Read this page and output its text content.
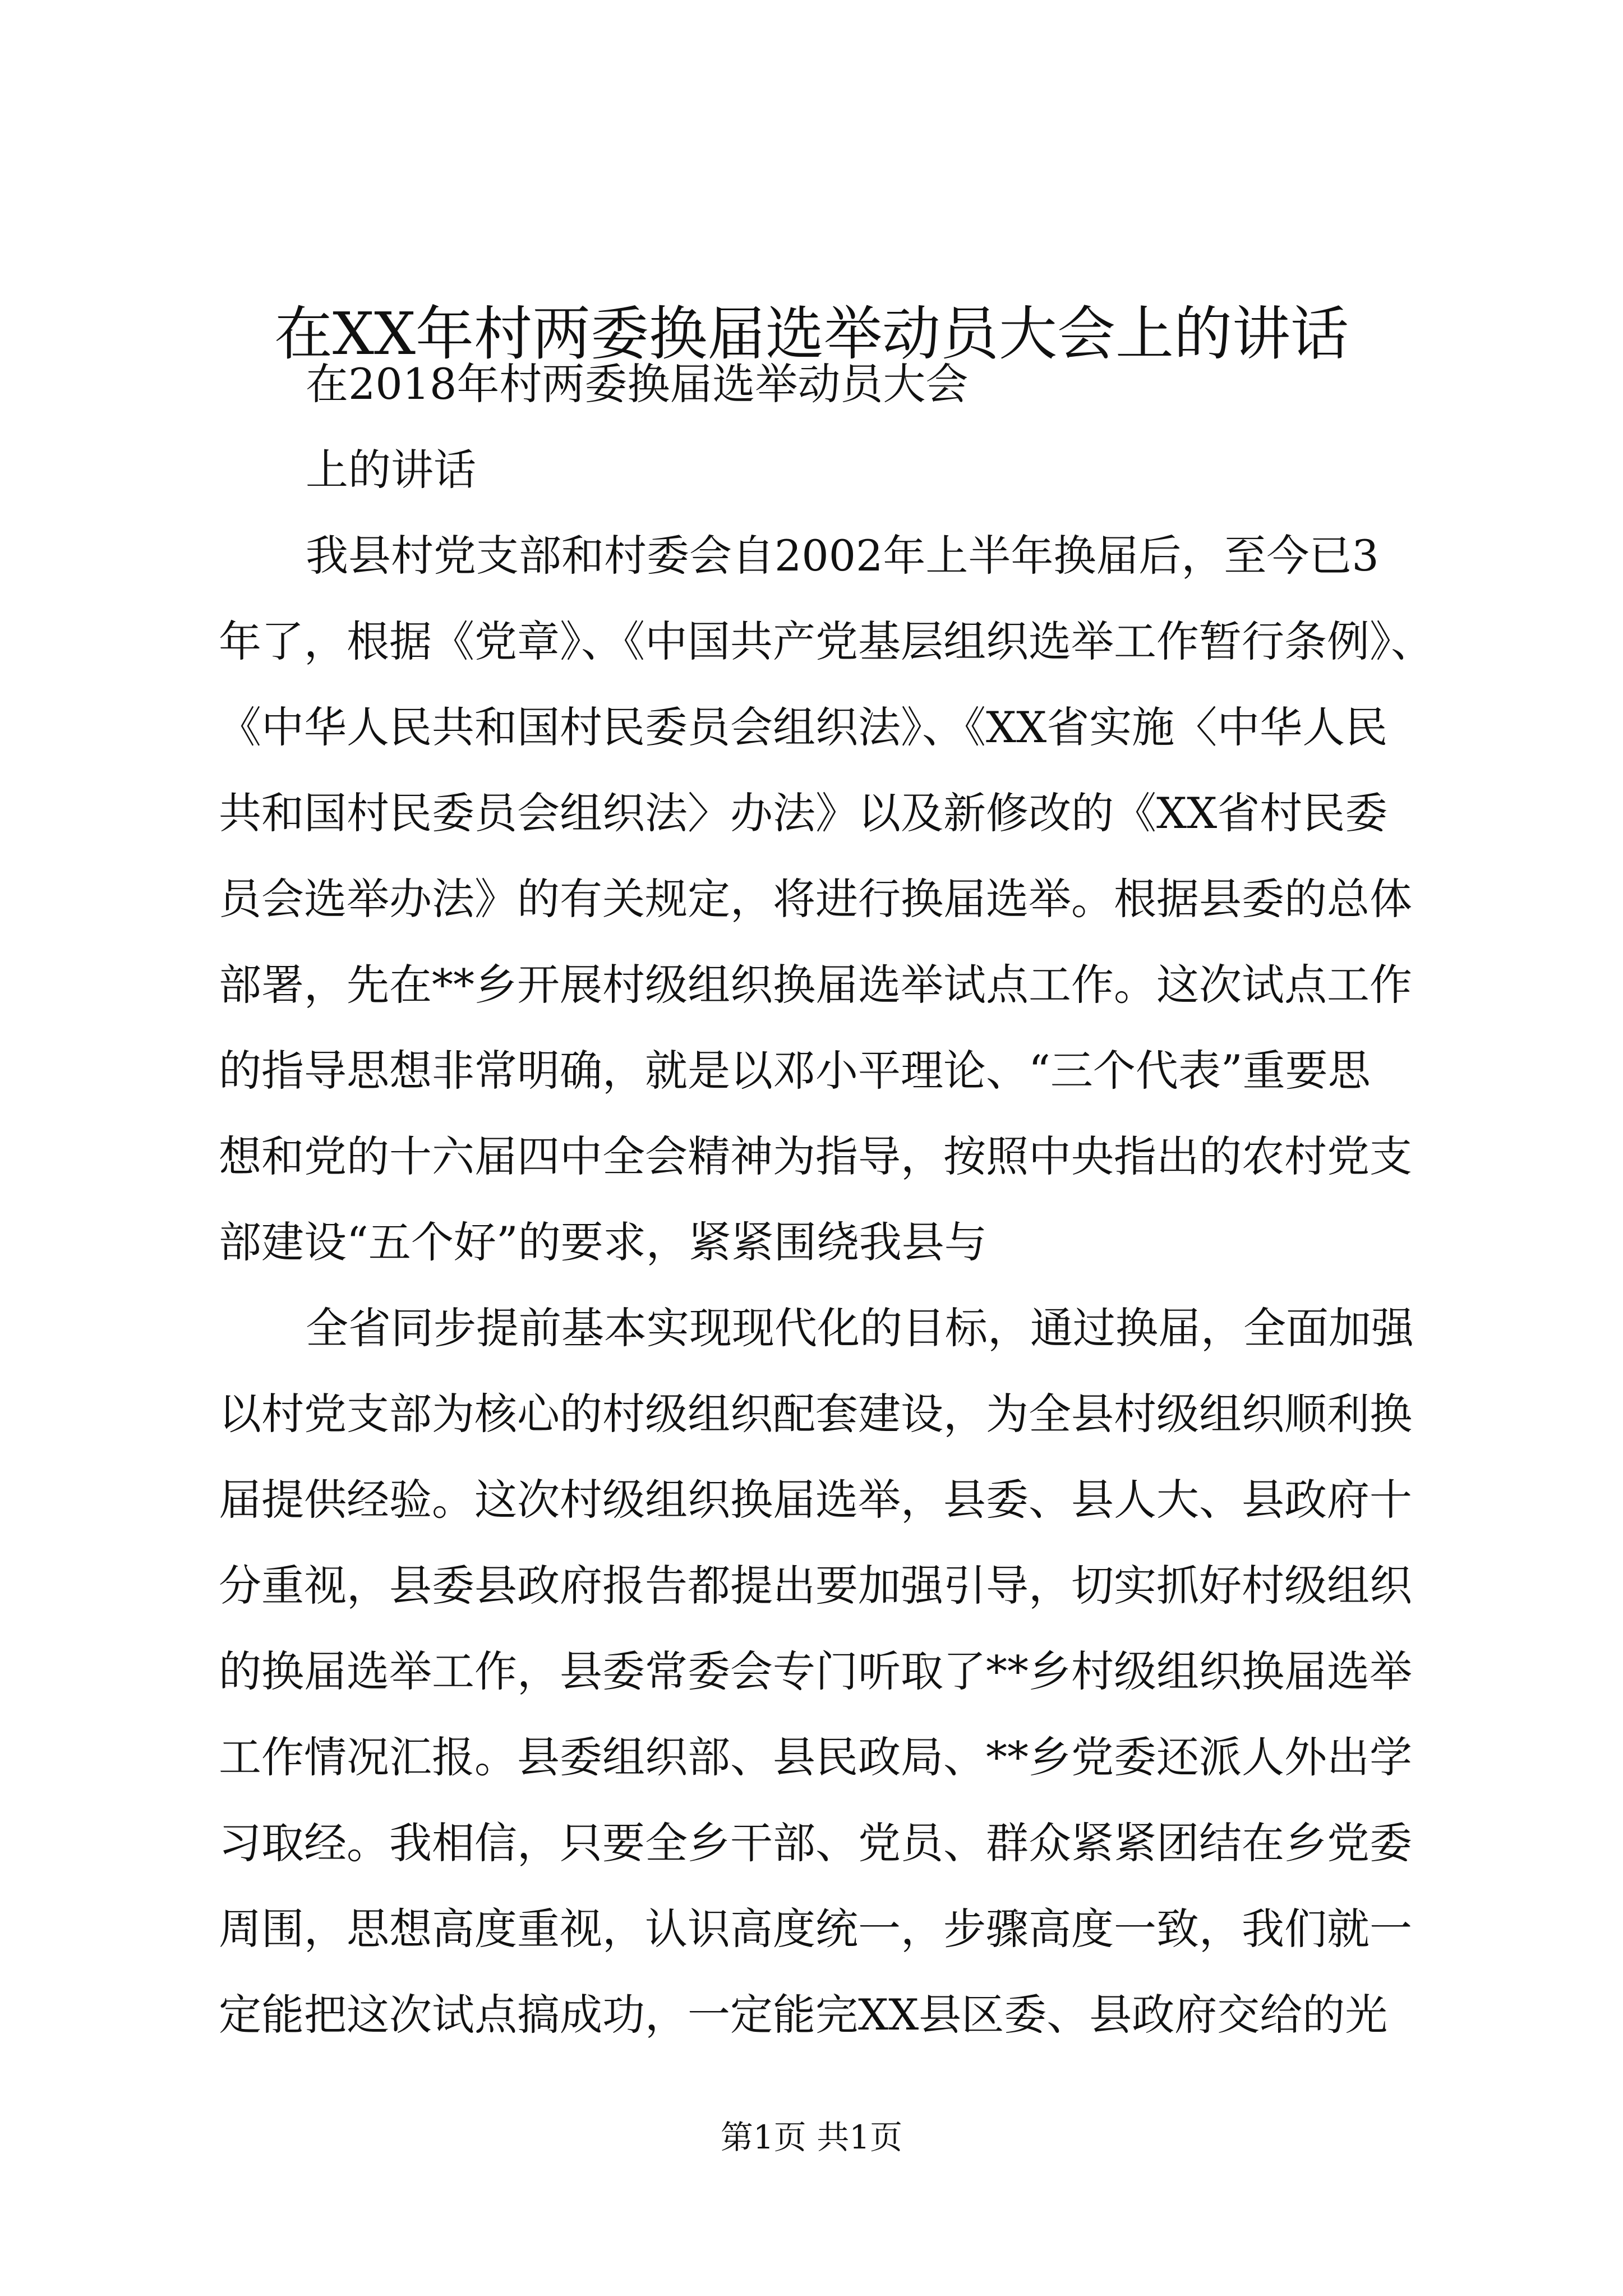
在XX年村两委换届选举动员大会上的讲话
在2018年村两委换届选举动员大会
上的讲话
我县村党支部和村委会自2002年上半年换届后，至今已3
年了，根据《党章》、《中国共产党基层组织选举工作暂行条例》、
《中华人民共和国村民委员会组织法》、《XX省实施〈中华人民
共和国村民委员会组织法〉办法》以及新修改的《XX省村民委
员会选举办法》的有关规定，将进行换届选举。根据县委的总体
部署，先在**乡开展村级组织换届选举试点工作。这次试点工作
的指导思想非常明确，就是以邓小平理论、“三个代表”重要思
想和党的十六届四中全会精神为指导，按照中央指出的农村党支
部建设“五个好”的要求，紧紧围绕我县与
全省同步提前基本实现现代化的目标，通过换届，全面加强
以村党支部为核心的村级组织配套建设，为全县村级组织顺利换
届提供经验。这次村级组织换届选举，县委、县人大、县政府十
分重视，县委县政府报告都提出要加强引导，切实抓好村级组织
的换届选举工作，县委常委会专门听取了**乡村级组织换届选举
工作情况汇报。县委组织部、县民政局、**乡党委还派人外出学
习取经。我相信，只要全乡干部、党员、群众紧紧团结在乡党委
周围，思想高度重视，认识高度统一，步骤高度一致，我们就一
定能把这次试点搞成功，一定能完XX县区委、县政府交给的光
第1页 共1页
